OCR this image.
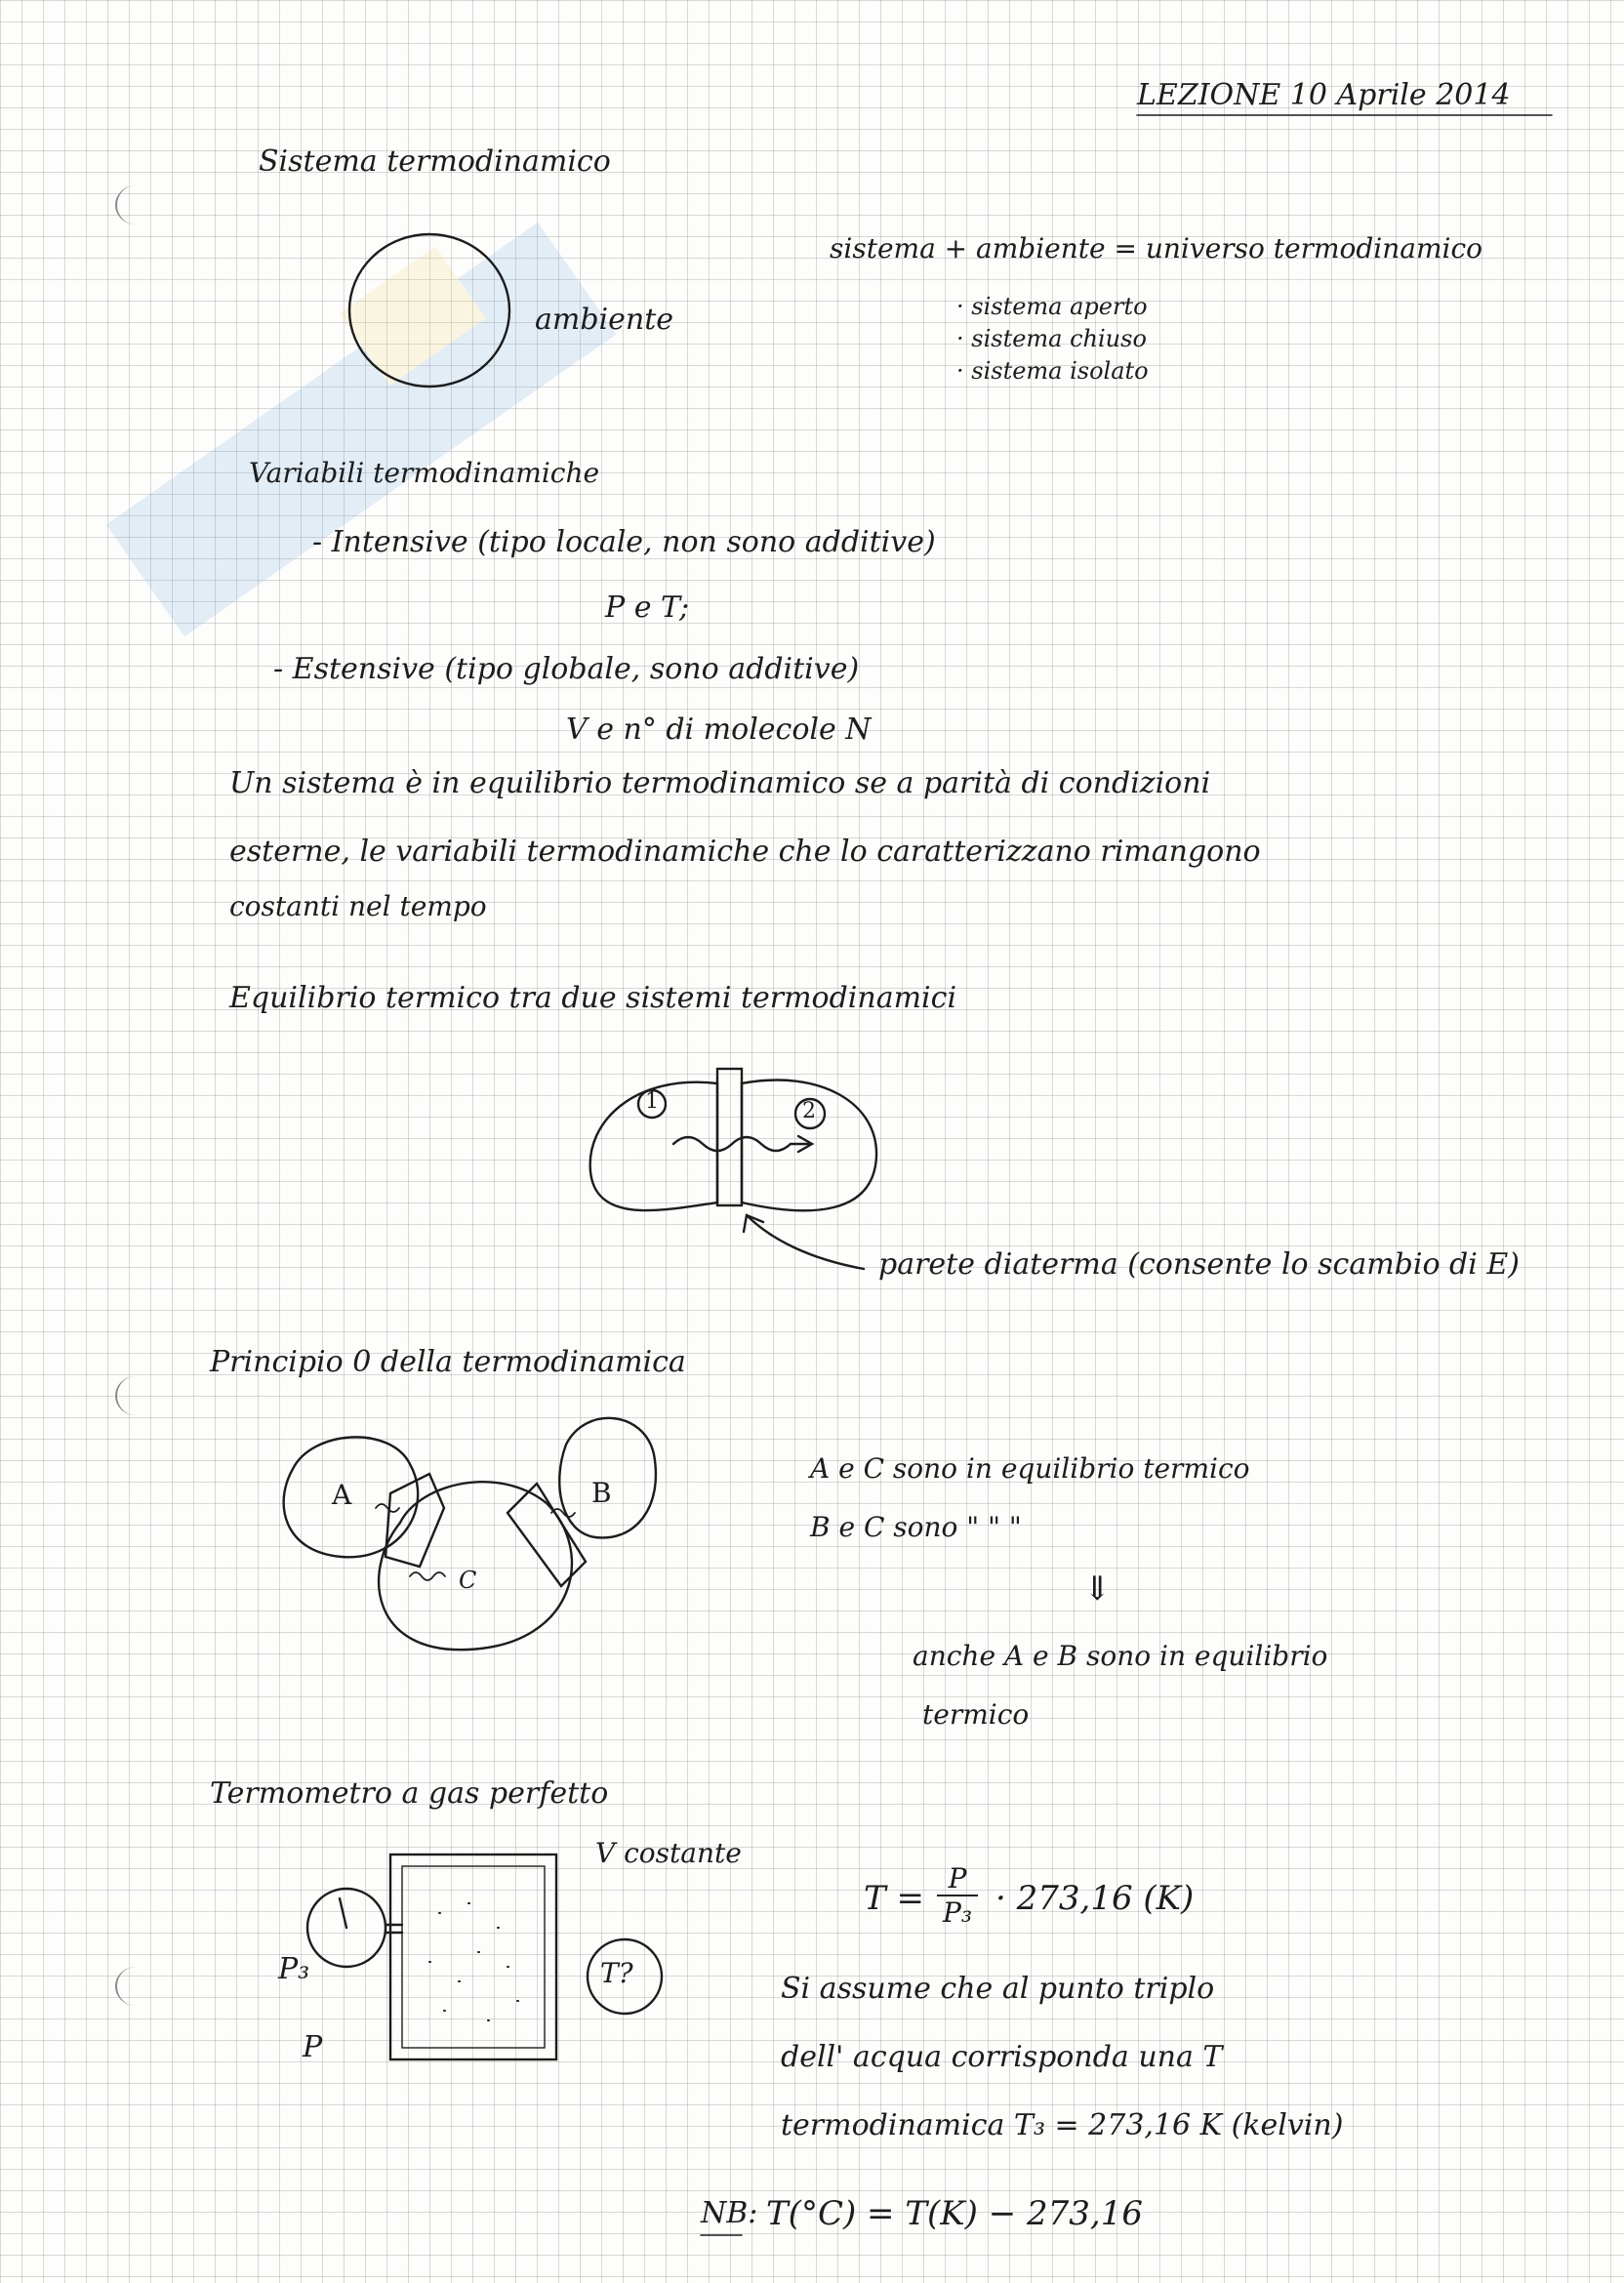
LEZIONE 10 Aprile 2014
Sistema termodinamico
ambiente
sistema + ambiente = universo termodinamico
· sistema aperto
· sistema chiuso
· sistema isolato
Variabili termodinamiche
- Intensive (tipo locale, non sono additive)
P e T;
- Estensive (tipo globale, sono additive)
V e n° di molecole N
Un sistema è in equilibrio termodinamico se a parità di condizioni
esterne, le variabili termodinamiche che lo caratterizzano rimangono
costanti nel tempo
Equilibrio termico tra due sistemi termodinamici
1	2
parete diaterma (consente lo scambio di E)
Principio 0 della termodinamica
A	B
C
A e C sono in equilibrio termico
B e C sono " " "
⇓
anche A e B sono in equilibrio
termico
Termometro a gas perfetto
V costante
P₃
P
T?
$T = \frac{P}{\text{P₃}} \cdot 273,16$ (K)
Si assume che al punto triplo
dell' acqua corrisponda una T
termodinamica T₃ = 273,16 K (kelvin)
NB: T(°C) = T(K) − 273,16
